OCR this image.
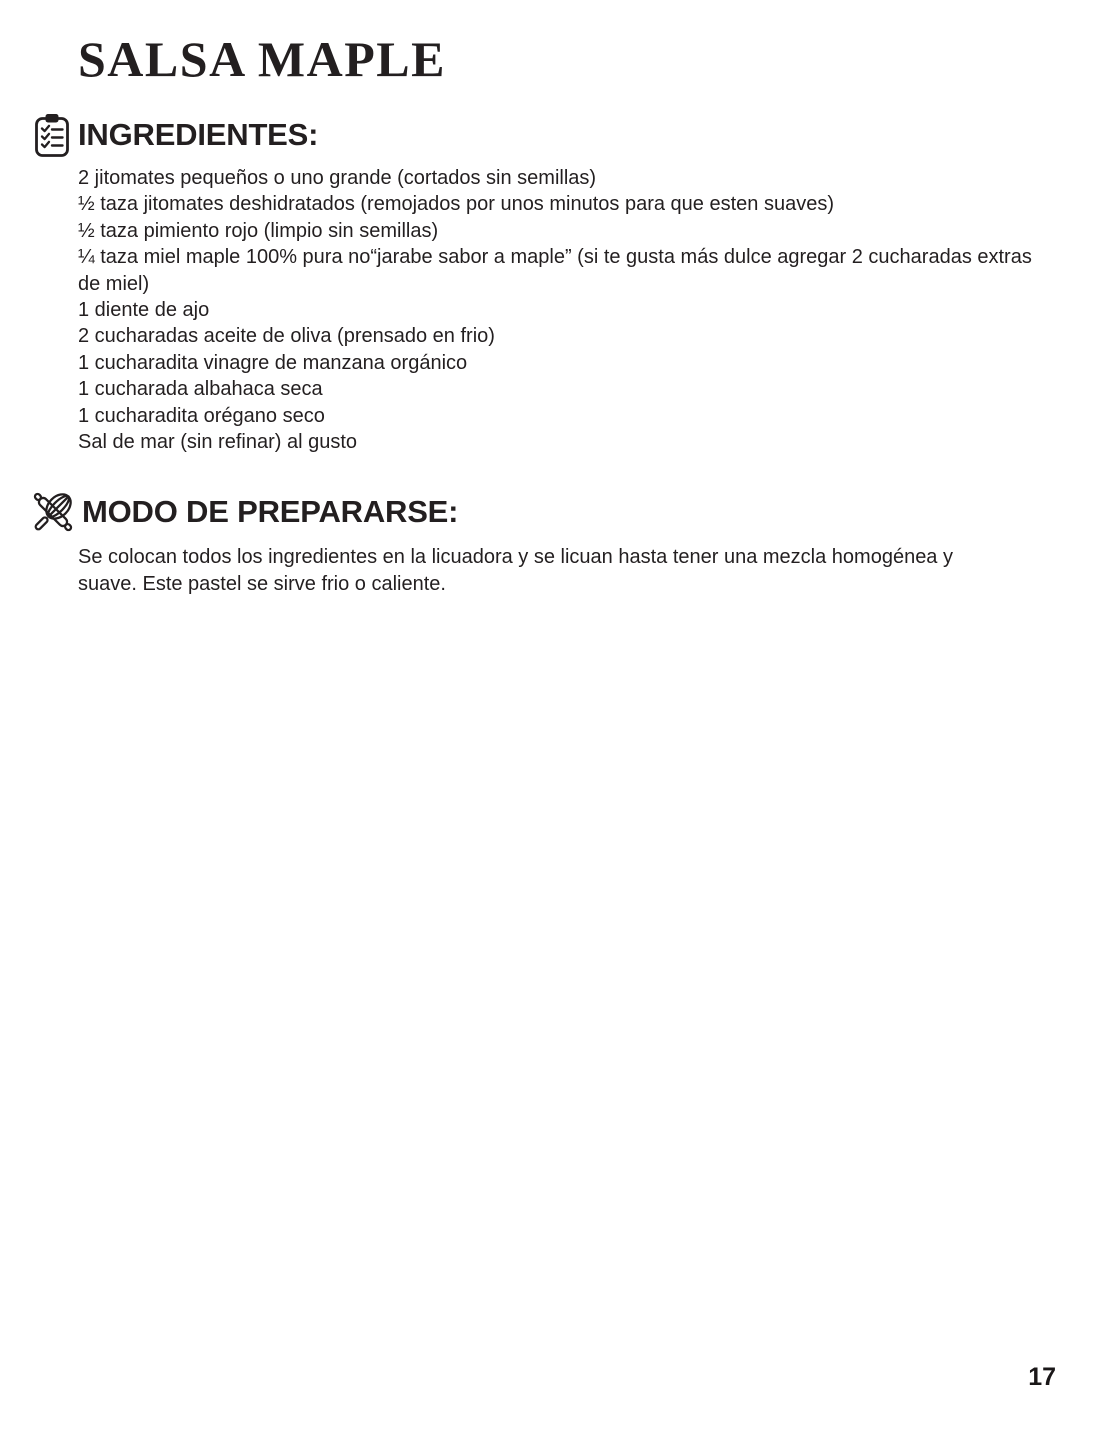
SALSA MAPLE
INGREDIENTES:
2 jitomates pequeños o uno grande (cortados sin semillas)
½ taza jitomates deshidratados (remojados por unos minutos para que esten suaves)
½ taza pimiento rojo (limpio sin semillas)
¼ taza miel maple 100% pura no“jarabe sabor a maple” (si te gusta más dulce agregar 2 cucharadas extras de miel)
1 diente de ajo
2 cucharadas aceite de oliva (prensado en frio)
1 cucharadita vinagre de manzana orgánico
1 cucharada albahaca seca
1 cucharadita orégano seco
Sal de mar (sin refinar) al gusto
MODO DE PREPARARSE:

Se colocan todos los ingredientes en la licuadora y se licuan hasta tener una mezcla homogénea y suave. Este pastel se sirve frio o caliente.

17
